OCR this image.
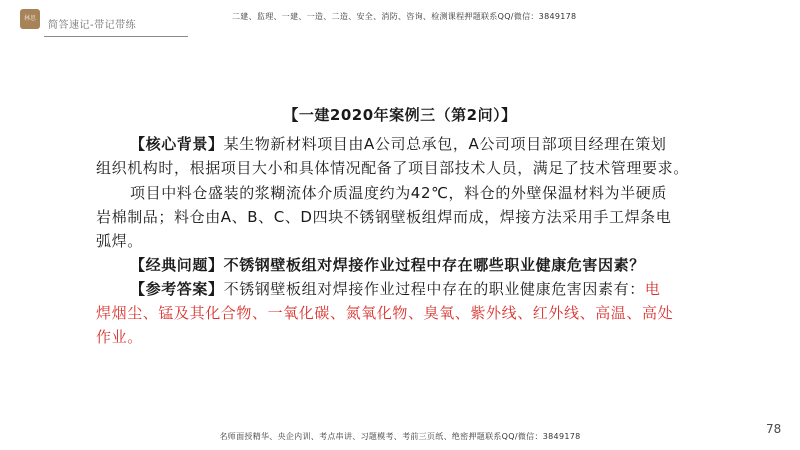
林思
简答速记-带记带练
二建、监理、一建、一造、二造、安全、消防、咨询、检测课程押题联系QQ/微信：3849178
【一建2020年案例三（第2问）】
【核心背景】某生物新材料项目由A公司总承包，A公司项目部项目经理在策划
组织机构时，根据项目大小和具体情况配备了项目部技术人员，满足了技术管理要求。
项目中料仓盛装的浆糊流体介质温度约为42℃，料仓的外壁保温材料为半硬质
岩棉制品；料仓由A、B、C、D四块不锈钢壁板组焊而成，焊接方法采用手工焊条电
弧焊。
【经典问题】不锈钢壁板组对焊接作业过程中存在哪些职业健康危害因素？
【参考答案】不锈钢壁板组对焊接作业过程中存在的职业健康危害因素有：电
焊烟尘、锰及其化合物、一氧化碳、氮氧化物、臭氧、紫外线、红外线、高温、高处
作业。
78
名师面授精华、央企内训、考点串讲、习题模考、考前三页纸、绝密押题联系QQ/微信：3849178
